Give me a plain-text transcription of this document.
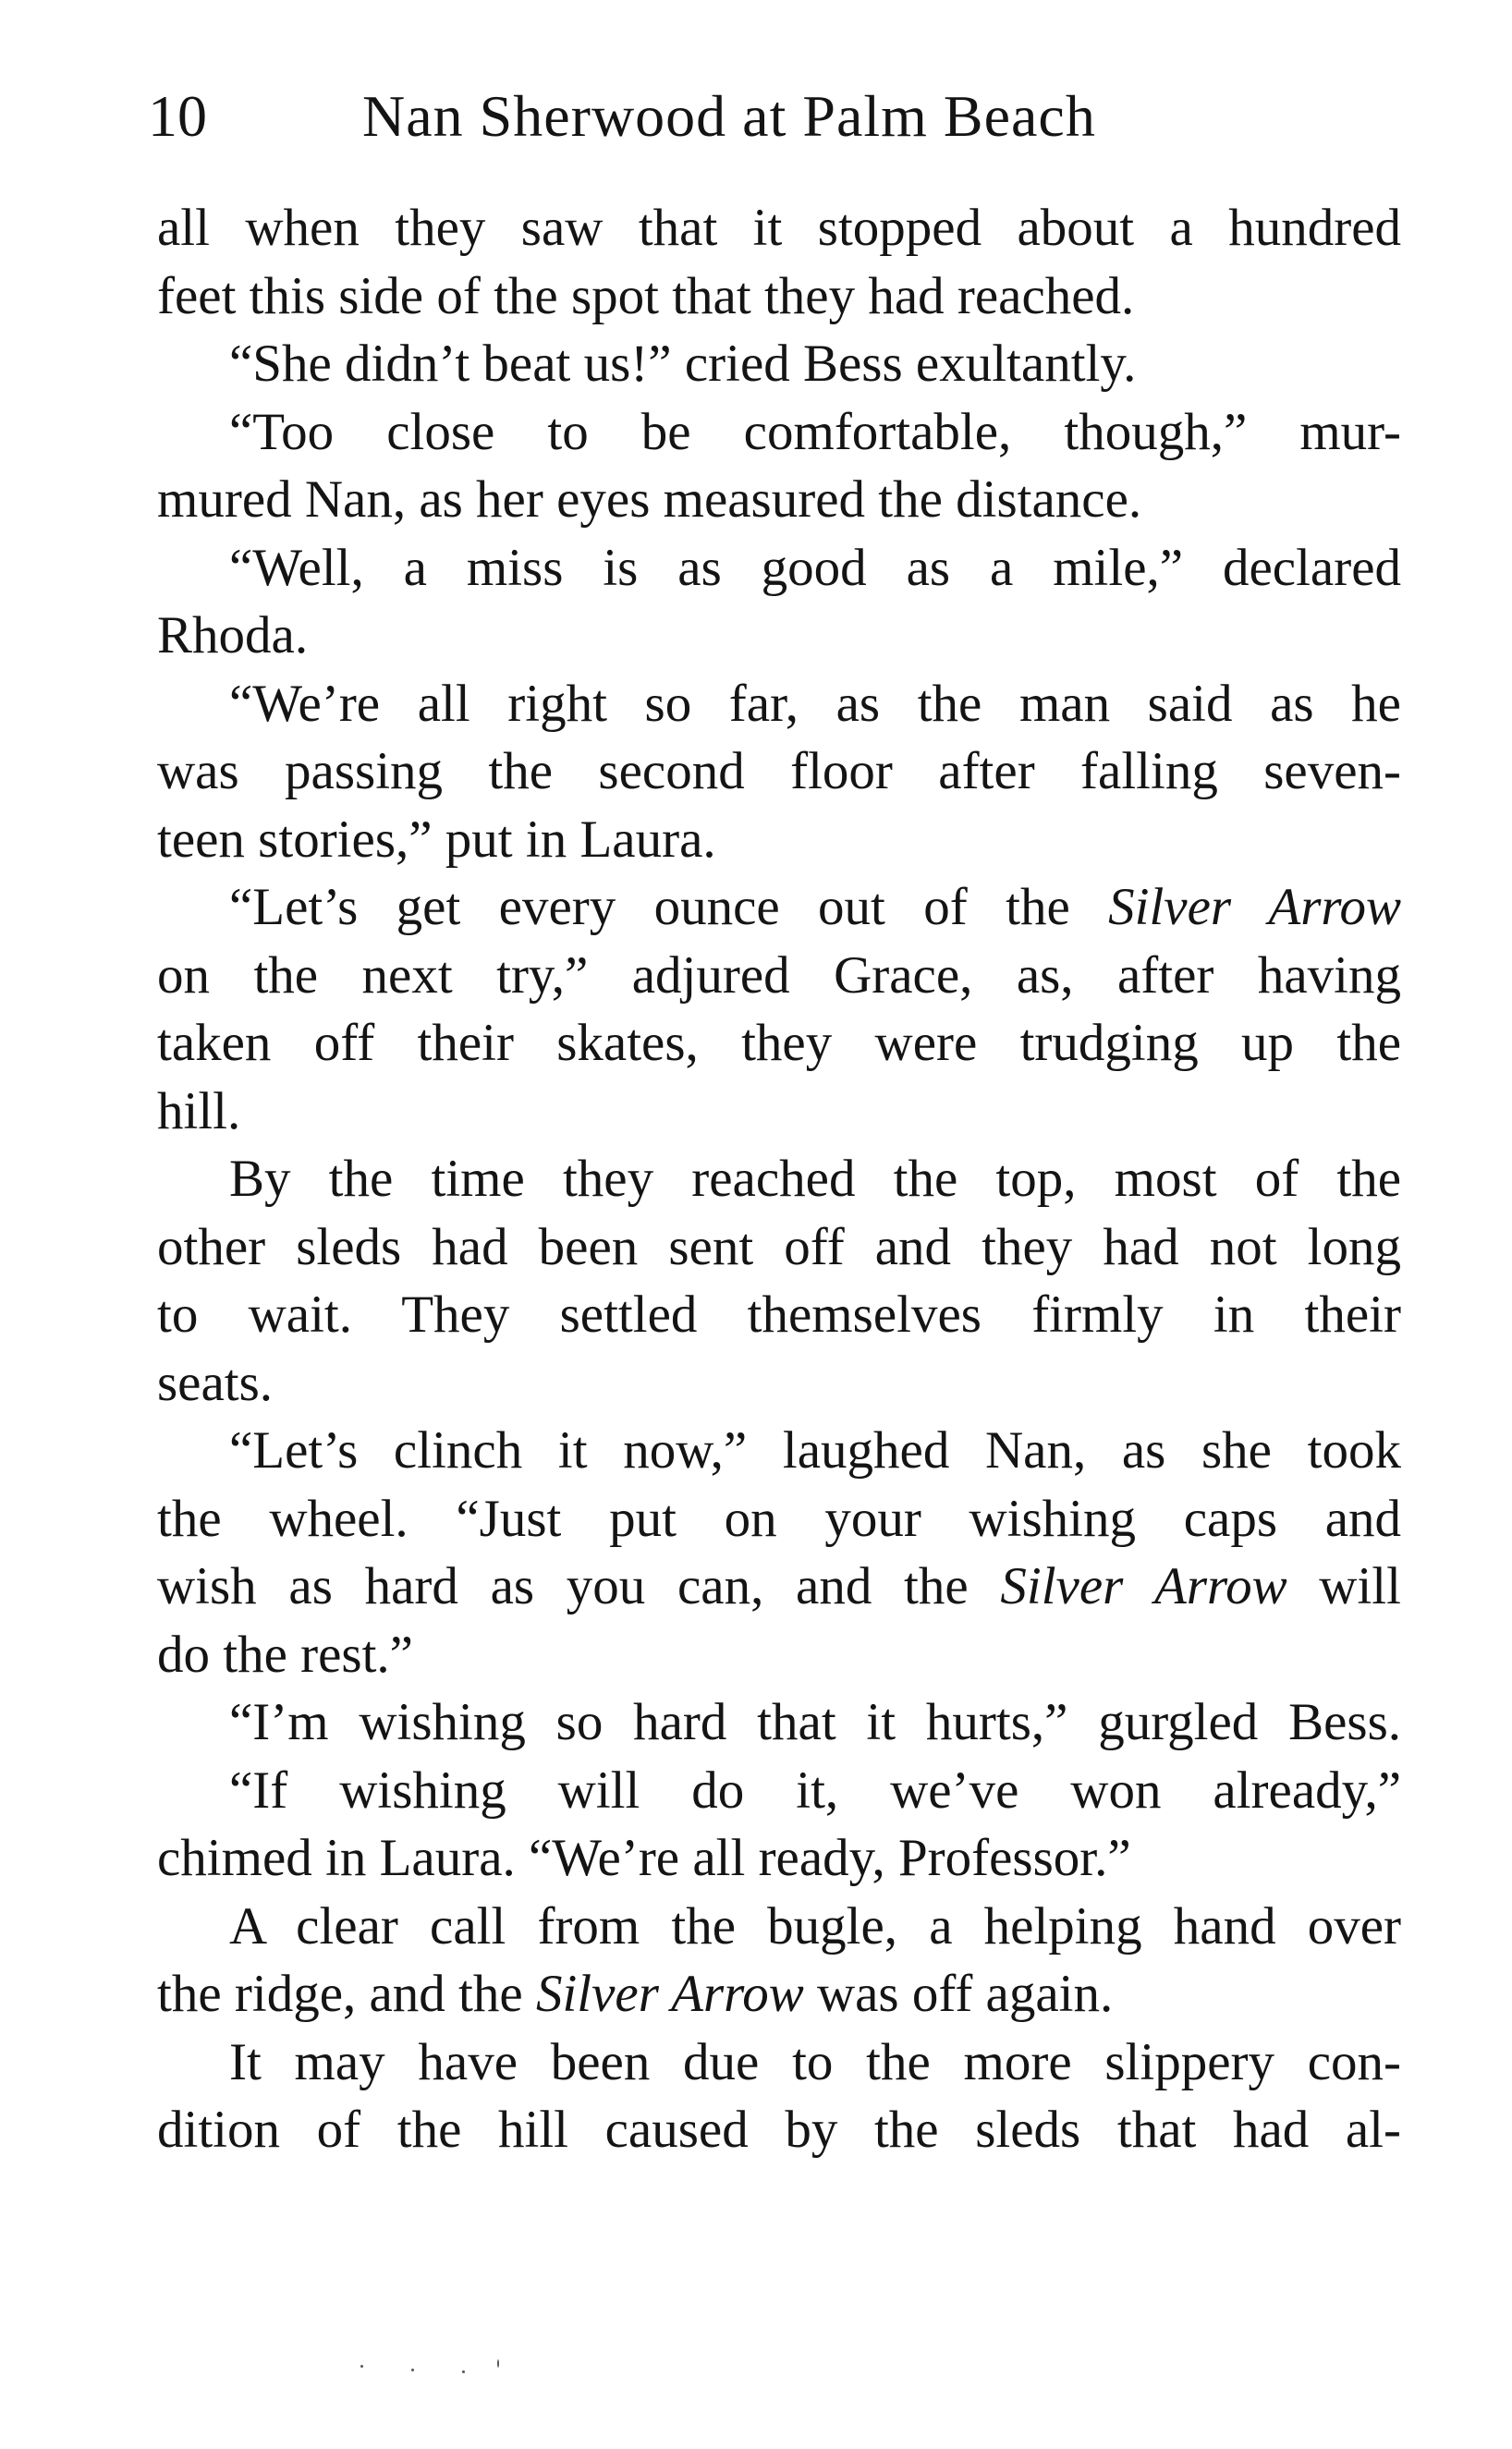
10	Nan Sherwood at Palm Beach
all when they saw that it stopped about a hundred
feet this side of the spot that they had reached.
“She didn’t beat us!” cried Bess exultantly.
“Too close to be comfortable, though,” mur-
mured Nan, as her eyes measured the distance.
“Well, a miss is as good as a mile,” declared
Rhoda.
“We’re all right so far, as the man said as he
was passing the second floor after falling seven-
teen stories,” put in Laura.
“Let’s get every ounce out of the Silver Arrow
on the next try,” adjured Grace, as, after having
taken off their skates, they were trudging up the
hill.
By the time they reached the top, most of the
other sleds had been sent off and they had not long
to wait. They settled themselves firmly in their
seats.
“Let’s clinch it now,” laughed Nan, as she took
the wheel. “Just put on your wishing caps and
wish as hard as you can, and the Silver Arrow will
do the rest.”
“I’m wishing so hard that it hurts,” gurgled Bess.
“If wishing will do it, we’ve won already,”
chimed in Laura. “We’re all ready, Professor.”
A clear call from the bugle, a helping hand over
the ridge, and the Silver Arrow was off again.
It may have been due to the more slippery con-
dition of the hill caused by the sleds that had al-
